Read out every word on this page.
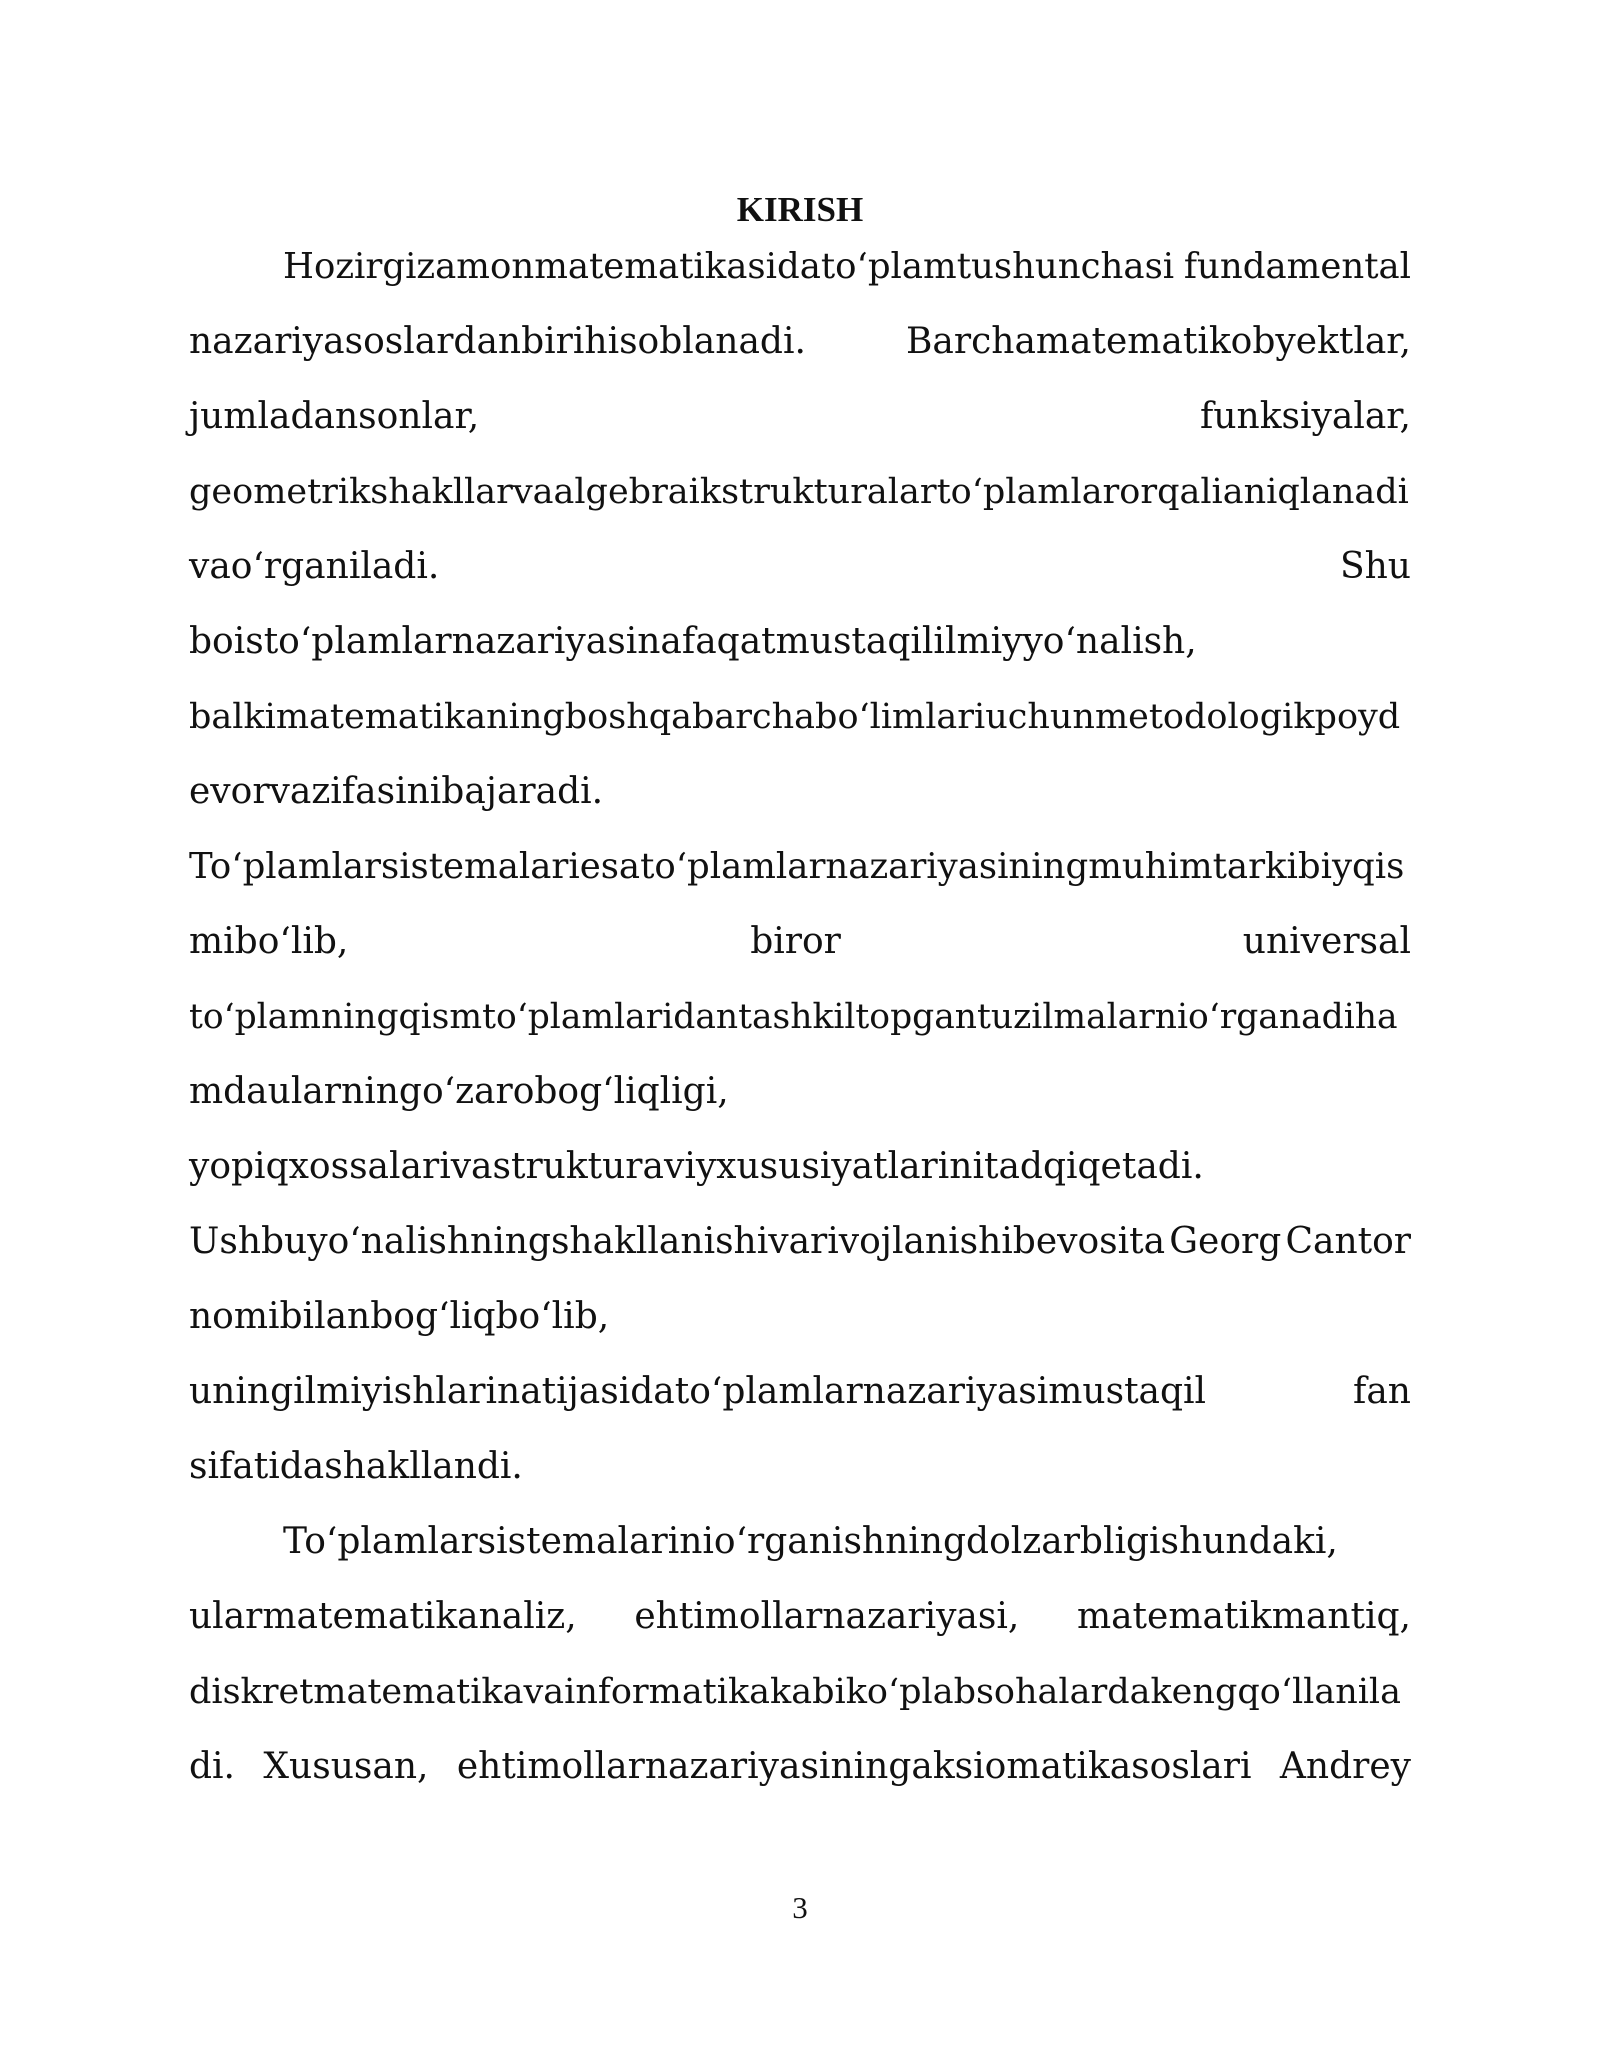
KIRISH
Hozirgizamonmatematikasidato‘plamtushunchasi fundamental
nazariyasoslardanbirihisoblanadi.	Barchamatematikobyektlar,
jumladansonlar,	funksiyalar,
geometrikshakllarvaalgebraikstrukturalarto‘plamlarorqalianiqlanadi
vao‘rganiladi.	Shu
boisto‘plamlarnazariyasinafaqatmustaqililmiyyo‘nalish,
balkimatematikaningboshqabarchabo‘limlariuchunmetodologikpoyd
evorvazifasinibajaradi.
To‘plamlarsistemalariesato‘plamlarnazariyasiningmuhimtarkibiyqis
mibo‘lib,	biror	universal
to‘plamningqismto‘plamlaridantashkiltopgantuzilmalarnio‘rganadiha
mdaularningo‘zarobog‘liqligi,
yopiqxossalarivastrukturaviyxususiyatlarinitadqiqetadi.
Ushbuyo‘nalishningshakllanishivarivojlanishibevosita Georg Cantor
nomibilanbog‘liqbo‘lib,
uningilmiyishlarinatijasidato‘plamlarnazariyasimustaqil	fan
sifatidashakllandi.
To‘plamlarsistemalarinio‘rganishningdolzarbligishundaki,
ularmatematikanaliz, ehtimollarnazariyasi, matematikmantiq,
diskretmatematikavainformatikakabiko‘plabsohalardakengqo‘llanila
di. Xususan, ehtimollarnazariyasiningaksiomatikasoslari Andrey
3
